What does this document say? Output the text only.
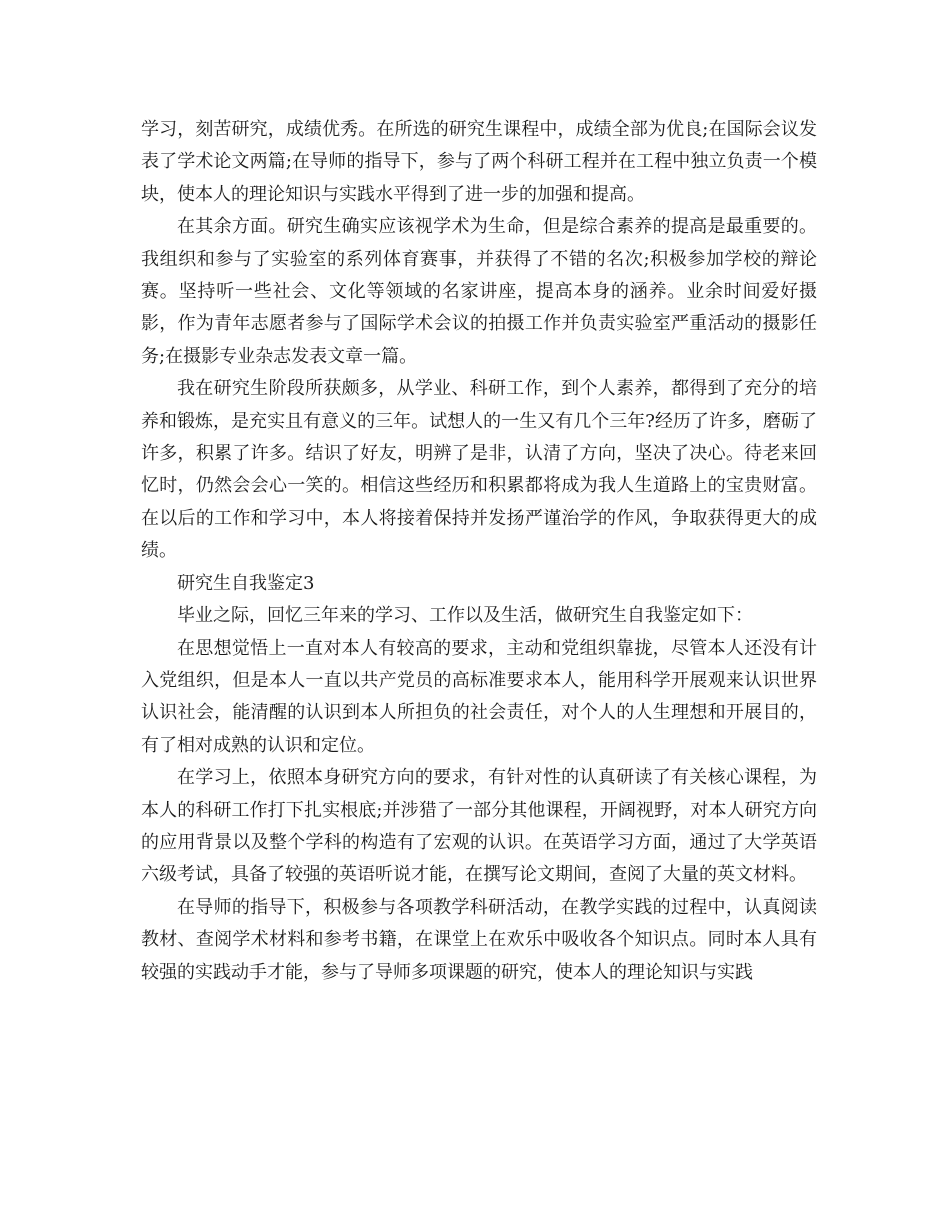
学习，刻苦研究，成绩优秀。在所选的研究生课程中，成绩全部为优良;在国际会议发表了学术论文两篇;在导师的指导下，参与了两个科研工程并在工程中独立负责一个模块，使本人的理论知识与实践水平得到了进一步的加强和提高。

在其余方面。研究生确实应该视学术为生命，但是综合素养的提高是最重要的。我组织和参与了实验室的系列体育赛事，并获得了不错的名次;积极参加学校的辩论赛。坚持听一些社会、文化等领域的名家讲座，提高本身的涵养。业余时间爱好摄影，作为青年志愿者参与了国际学术会议的拍摄工作并负责实验室严重活动的摄影任务;在摄影专业杂志发表文章一篇。

我在研究生阶段所获颇多，从学业、科研工作，到个人素养，都得到了充分的培养和锻炼，是充实且有意义的三年。试想人的一生又有几个三年?经历了许多，磨砺了许多，积累了许多。结识了好友，明辨了是非，认清了方向，坚决了决心。待老来回忆时，仍然会会心一笑的。相信这些经历和积累都将成为我人生道路上的宝贵财富。在以后的工作和学习中，本人将接着保持并发扬严谨治学的作风，争取获得更大的成绩。

研究生自我鉴定3

毕业之际，回忆三年来的学习、工作以及生活，做研究生自我鉴定如下：

在思想觉悟上一直对本人有较高的要求，主动和党组织靠拢，尽管本人还没有计入党组织，但是本人一直以共产党员的高标准要求本人，能用科学开展观来认识世界认识社会，能清醒的认识到本人所担负的社会责任，对个人的人生理想和开展目的，有了相对成熟的认识和定位。

在学习上，依照本身研究方向的要求，有针对性的认真研读了有关核心课程，为本人的科研工作打下扎实根底;并涉猎了一部分其他课程，开阔视野，对本人研究方向的应用背景以及整个学科的构造有了宏观的认识。在英语学习方面，通过了大学英语六级考试，具备了较强的英语听说才能，在撰写论文期间，查阅了大量的英文材料。

在导师的指导下，积极参与各项教学科研活动，在教学实践的过程中，认真阅读教材、查阅学术材料和参考书籍，在课堂上在欢乐中吸收各个知识点。同时本人具有较强的实践动手才能，参与了导师多项课题的研究，使本人的理论知识与实践
